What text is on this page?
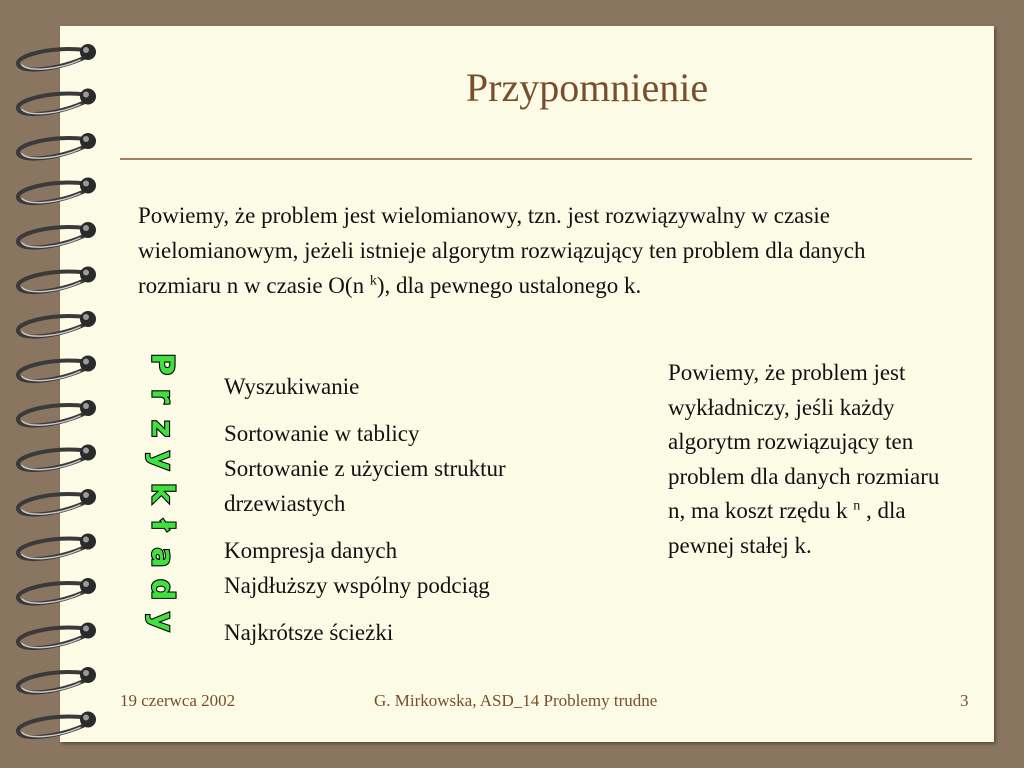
Przypomnienie
Powiemy, że problem jest wielomianowy, tzn. jest rozwiązywalny w czasie wielomianowym, jeżeli istnieje algorytm rozwiązujący ten problem dla danych rozmiaru n w czasie O(n $^k$), dla pewnego ustalonego k.
P
r
z
y
k
ł
a
d
y
Wyszukiwanie
Sortowanie w tablicy
Sortowanie z użyciem struktur drzewiastych
Kompresja danych
Najdłuższy wspólny podciąg
Najkrótsze ścieżki
Powiemy, że problem jest wykładniczy, jeśli każdy algorytm rozwiązujący ten problem dla danych rozmiaru n, ma koszt rzędu k $^n$ , dla pewnej stałej k.
19 czerwca 2002	G. Mirkowska, ASD_14 Problemy trudne	3
